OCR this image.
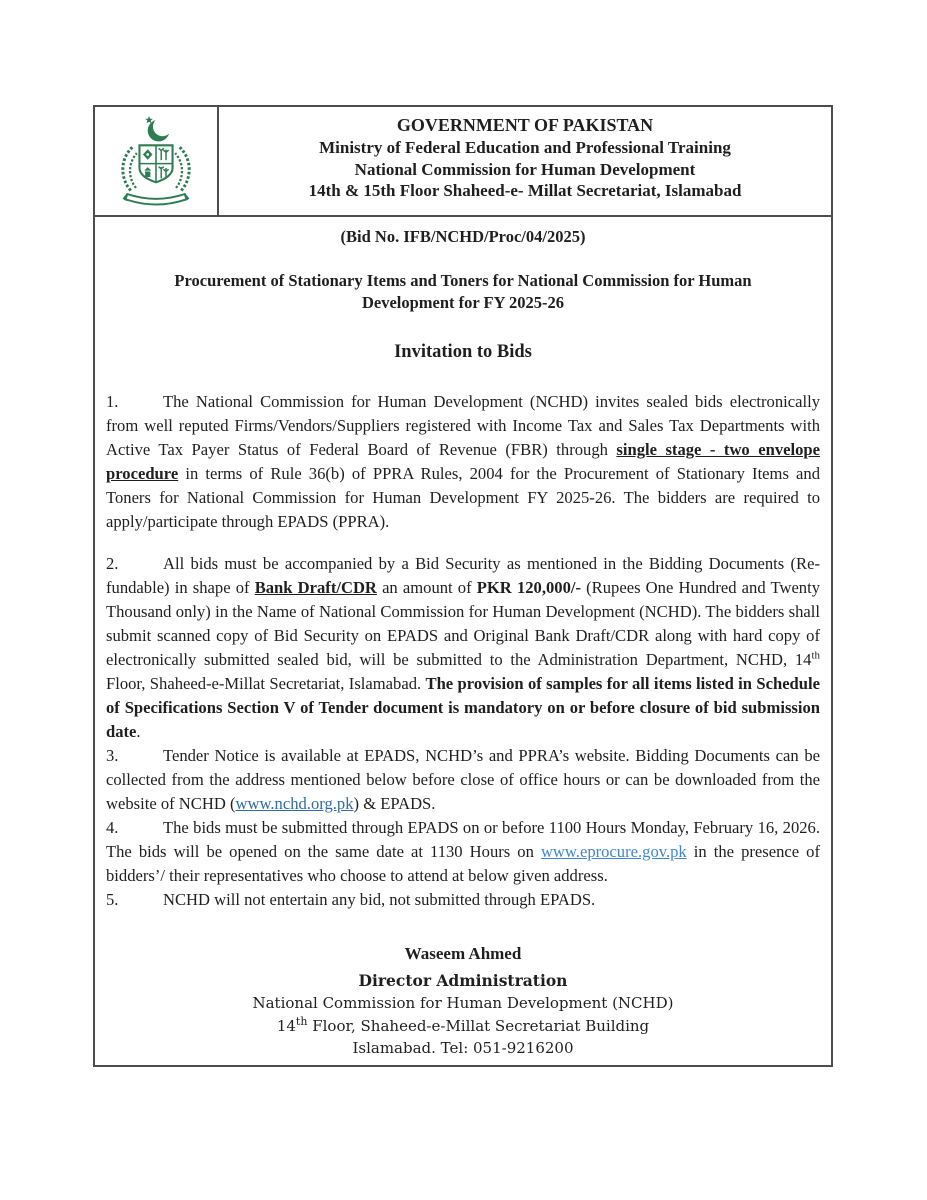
GOVERNMENT OF PAKISTAN
Ministry of Federal Education and Professional Training
National Commission for Human Development
14th & 15th Floor Shaheed-e- Millat Secretariat, Islamabad

(Bid No. IFB/NCHD/Proc/04/2025)

Procurement of Stationary Items and Toners for National Commission for Human Development for FY 2025-26

Invitation to Bids

1.	The National Commission for Human Development (NCHD) invites sealed bids electronically from well reputed Firms/Vendors/Suppliers registered with Income Tax and Sales Tax Departments with Active Tax Payer Status of Federal Board of Revenue (FBR) through single stage - two envelope procedure in terms of Rule 36(b) of PPRA Rules, 2004 for the Procurement of Stationary Items and Toners for National Commission for Human Development FY 2025-26. The bidders are required to apply/participate through EPADS (PPRA).

2.	All bids must be accompanied by a Bid Security as mentioned in the Bidding Documents (Re-fundable) in shape of Bank Draft/CDR an amount of PKR 120,000/- (Rupees One Hundred and Twenty Thousand only) in the Name of National Commission for Human Development (NCHD). The bidders shall submit scanned copy of Bid Security on EPADS and Original Bank Draft/CDR along with hard copy of electronically submitted sealed bid, will be submitted to the Administration Department, NCHD, 14th Floor, Shaheed-e-Millat Secretariat, Islamabad. The provision of samples for all items listed in Schedule of Specifications Section V of Tender document is mandatory on or before closure of bid submission date.

3.	Tender Notice is available at EPADS, NCHD’s and PPRA’s website. Bidding Documents can be collected from the address mentioned below before close of office hours or can be downloaded from the website of NCHD (www.nchd.org.pk) & EPADS.

4.	The bids must be submitted through EPADS on or before 1100 Hours Monday, February 16, 2026. The bids will be opened on the same date at 1130 Hours on www.eprocure.gov.pk in the presence of bidders’/ their representatives who choose to attend at below given address.

5.	NCHD will not entertain any bid, not submitted through EPADS.

Waseem Ahmed

Director Administration

National Commission for Human Development (NCHD)

14th Floor, Shaheed-e-Millat Secretariat Building

Islamabad. Tel: 051-9216200
